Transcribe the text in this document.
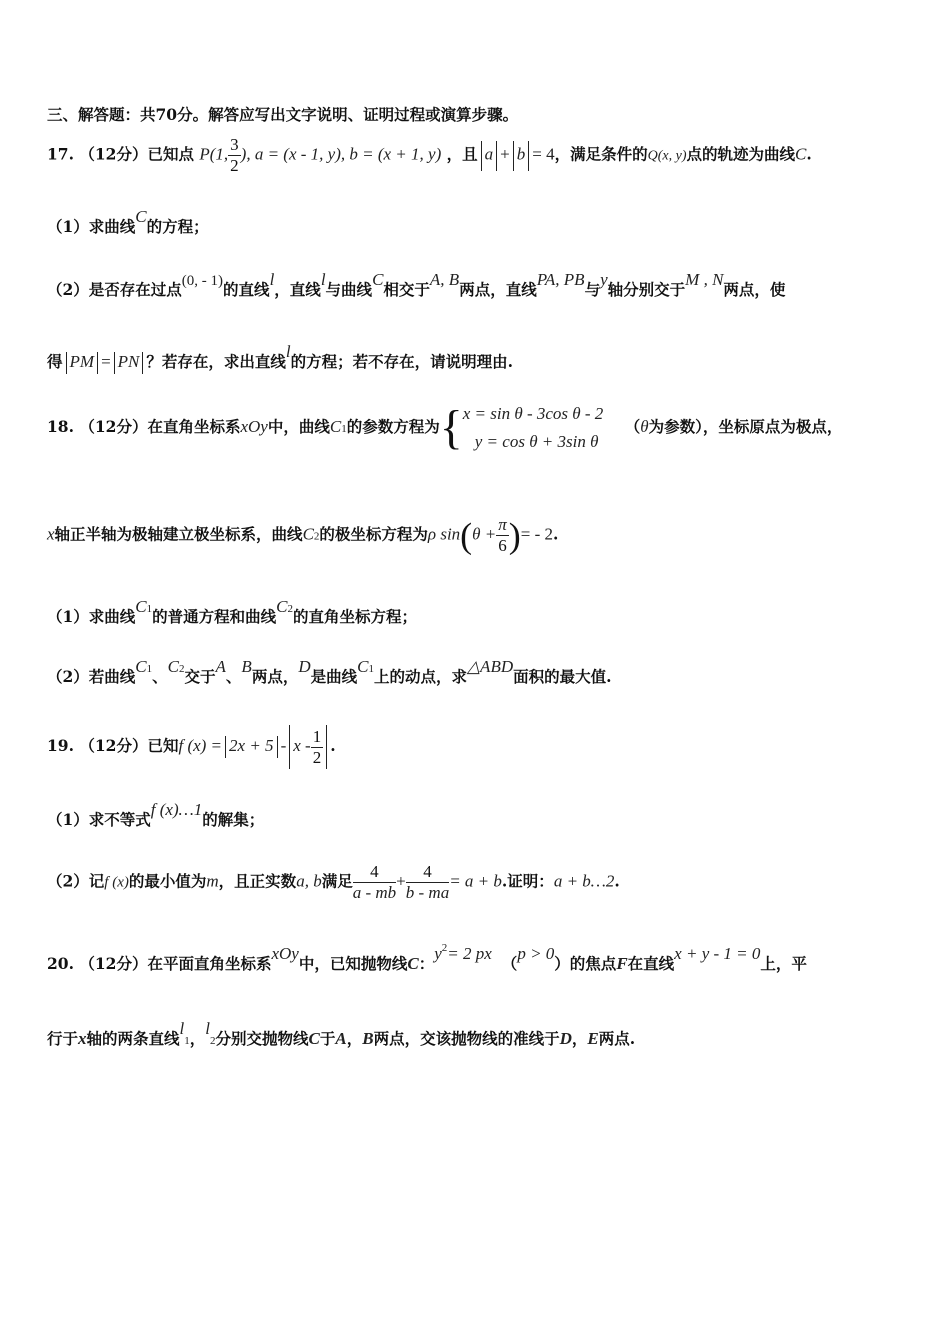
三、解答题：共70分。解答应写出文字说明、证明过程或演算步骤。
17. （12分）已知点 P(1, $\frac{3}{2}$ ), a = (x - 1, y), b = (x + 1, y) ，且 a + b = 4，满足条件的Q(x, y)点的轨迹为曲线C.
（1）求曲线C的方程；
（2）是否存在过点(0, - 1)的直线l，直线l与曲线C相交于A, B两点，直线PA, PB与y轴分别交于M , N两点，使
得 PM = PN ？若存在，求出直线l的方程；若不存在，请说明理由.
18. （12分）在直角坐标系xOy中，曲线C1的参数方程为{ x = sin θ - 3cos θ - 2
y = cos θ + 3sin θ
（θ为参数），坐标原点为极点，
x轴正半轴为极轴建立极坐标系，曲线C2的极坐标方程为ρ $\sin(\theta + \frac{\pi}{6}$ )= - 2.
（1）求曲线$C^1$的普通方程和曲线$C^2$的直角坐标方程；
（2）若曲线$C^1$、$C^2$交于A、B两点，D是曲线$C^1$上的动点，求△ABD面积的最大值.
19. （12分）已知f $(x) = 2x + 5 - x - \frac{1}{2}$ .
（1）求不等式f (x)…1的解集；
（2）记f (x)的最小值为m，且正实数a, b满足 $\frac{4}{a - mb} + \frac{4}{b - ma} = a + b$.证明：a + b…2.
20. （12分）在平面直角坐标系xOy中，已知抛物线C：$y^2= 2$ px（p > 0）的焦点F在直线x + y - 1 = 0上，平
行于x轴的两条直线l1，l2分别交抛物线C于A，B两点，交该抛物线的准线于D，E两点.
